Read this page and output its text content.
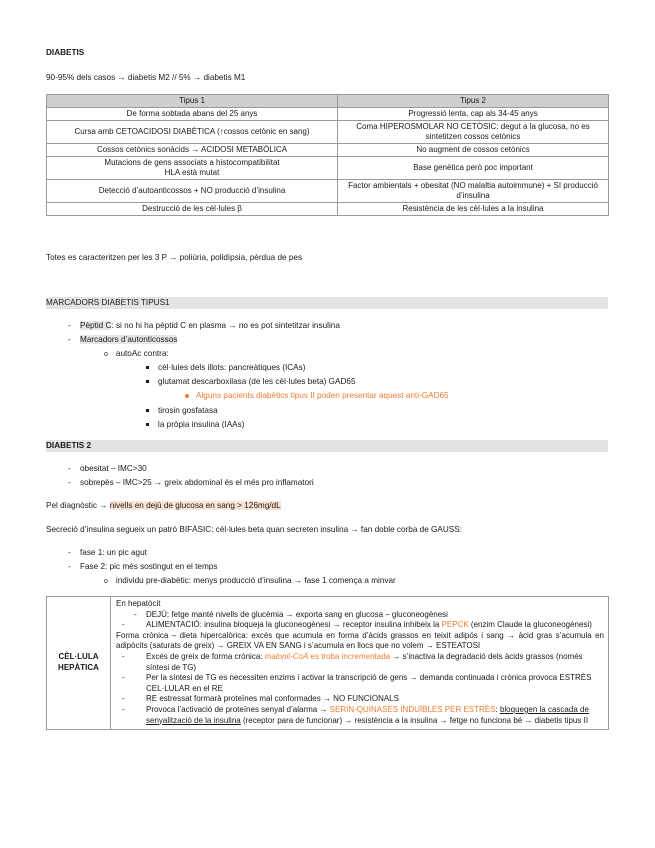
DIABETIS
90-95% dels casos → diabetis M2 // 5% → diabetis M1
Tipus 1	Tipus 2
De forma sobtada abans del 25 anys	Progressió lenta, cap als 34-45 anys
Cursa amb CETOACIDOSI DIABÈTICA (↑cossos cetònic en sang)	Coma HIPEROSMOLAR NO CETÒSIC: degut a la glucosa, no es sintetitzen cossos cetònics
Cossos cetònics sonàcids → ACIDOSI METABÒLICA	No augment de cossos cetònics
Mutacions de gens associats a histocompatibilitat HLA està mutat	Base genètica però poc important
Detecció d’autoanticossos + NO producció d’insulina	Factor ambientals + obesitat (NO malaltia autoimmune) + SI producció d’insulina
Destrucció de les cèl·lules β	Resistència de les cèl·lules a la insulina
Totes es caracteritzen per les 3 P → poliúria, polidípsia, pèrdua de pes
MARCADORS DIABETIS TIPUS1
- Pèptid C: si no hi ha pèptid C en plasma → no es pot sintetitzar insulina
- Marcadors d’autonticossos
o autoAc contra:
cèl·lules dels illots: pancreàtiques (ICAs)
glutamat descarboxilasa (de les cèl·lules beta) GAD65
Alguns pacients diabètics tipus II poden presentar aquest anti-GAD65
tirosin gosfatasa
la pròpia insulina (IAAs)
DIABETIS 2
- obesitat – IMC>30
- sobrepès – IMC>25 → greix abdominal és el més pro inflamatori
Pel diagnòstic → nivells en dejú de glucosa en sang > 126mg/dL
Secreció d’insulina segueix un patró BIFÀSIC: cèl·lules beta quan secreten insulina → fan doble corba de GAUSS:
- fase 1: un pic agut
- Fase 2: pic més sostingut en el temps
o individu pre-diabètic: menys producció d’insulina → fase 1 comença a minvar
CÈL·LULA HEPÀTICA	
En hepatòcit
- DEJÚ: fetge manté nivells de glucèmia → exporta sang en glucosa – gluconeogènesi
-	ALIMENTACIÓ: insulina bloqueja la gluconeogènesi → receptor insulina inhibeix la PEPCK (enzim Claude la gluconeogènesi)
Forma crònica – dieta hipercalòrica: excés que acumula en forma d’àcids grassos en teixit adipós i sang → àcid gras s’acumula en adipòcits (saturats de greix) → GREIX VA EN SANG i s’acumula en llocs que no volem → ESTEATOSI
-	Excés de greix de forma crònica: malonil-CoA es troba incrementada → s’inactiva la degradació dels àcids grassos (només síntesi de TG)
-	Per la síntesi de TG es necessiten enzims i activar la transcripció de gens → demanda continuada i crònica provoca ESTRÈS CEL·LULAR en el RE
-	RE estressat formarà proteïnes mal conformades → NO FUNCIONALS
-	Provoca l’activació de proteïnes senyal d’alarma → SERIN-QUINASES INDUÏBLES PER ESTRÈS: bloquegen la cascada de senyalització de la insulina (receptor para de funcionar) → resistència a la insulina → fetge no funciona bé → diabetis tipus II
